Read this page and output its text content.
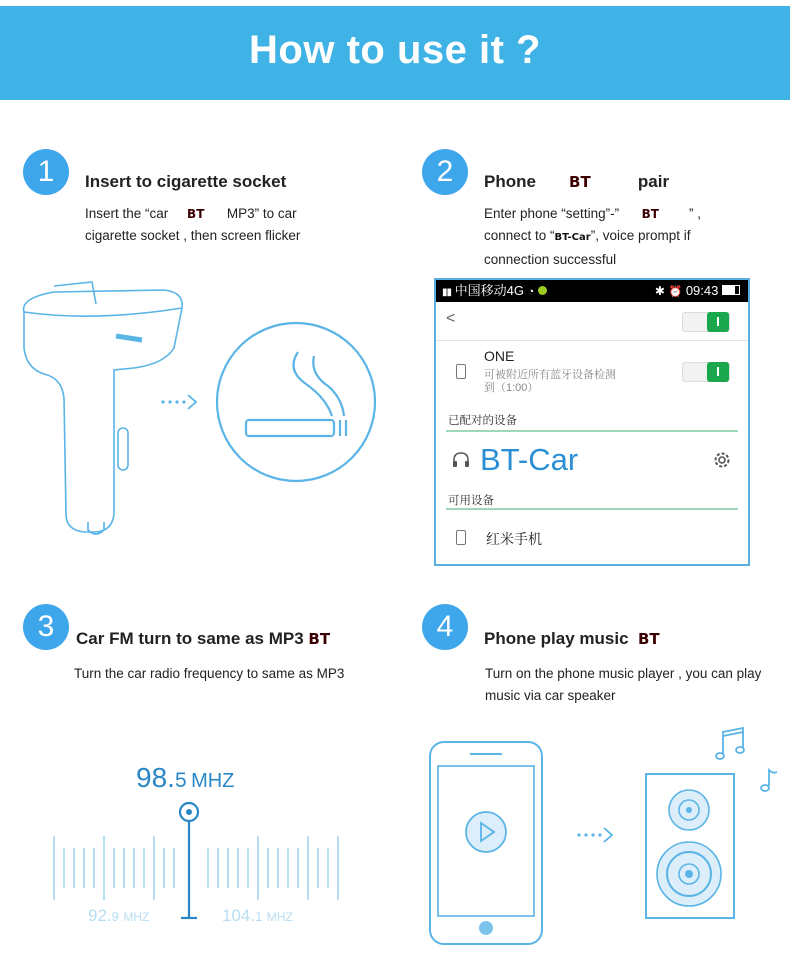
How to use it ?
1	Insert to cigarette socket
Insert the “car BT MP3” to car
cigarette socket , then screen flicker
2	Phone BT	pair
Enter phone “setting”-” BT ” ,
connect to “BT-Car”, voice prompt if
connection successful
▮▮ 中国移动4G ◔	✱ ⏰ 09:43
<
ONE
可被附近所有蓝牙设备检测
到（1:00）
已配对的设备
BT-Car
可用设备
红米手机
3	Car FM turn to same as MP3 BT
Turn the car radio frequency to same as MP3
98.5 MHZ
92.9 MHZ	104.1 MHZ
4	Phone play music BT
Turn on the phone music player , you can play
music via car speaker
